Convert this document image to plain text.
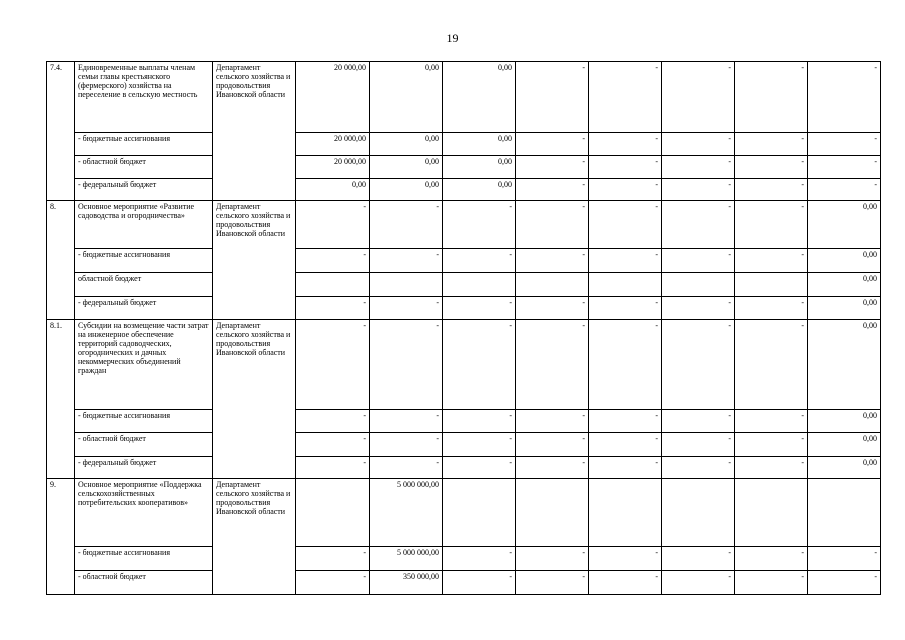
19
7.4.	Единовременные выплаты членам семьи главы крестьянского (фермерского) хозяйства на переселение в сельскую местность	Департамент сельского хозяйства и продовольствия Ивановской области	20 000,00	0,00	0,00	-	-	-	-	-
	- бюджетные ассигнования		20 000,00	0,00	0,00	-	-	-	-	-
	- областной бюджет		20 000,00	0,00	0,00	-	-	-	-	-
	- федеральный бюджет		0,00	0,00	0,00	-	-	-	-	-
8.	Основное мероприятие «Развитие садоводства и огородничества»	Департамент сельского хозяйства и продовольствия Ивановской области	-	-	-	-	-	-	-	0,00
	- бюджетные ассигнования		-	-	-	-	-	-	-	0,00
	областной бюджет									0,00
	- федеральный бюджет		-	-	-	-	-	-	-	0,00
8.1.	Субсидии на возмещение части затрат на инженерное обеспечение территорий садоводческих, огороднических и дачных некоммерческих объединений граждан	Департамент сельского хозяйства и продовольствия Ивановской области	-	-	-	-	-	-	-	0,00
	- бюджетные ассигнования		-	-	-	-	-	-	-	0,00
	- областной бюджет		-	-	-	-	-	-	-	0,00
	- федеральный бюджет		-	-	-	-	-	-	-	0,00
9.	Основное мероприятие «Поддержка сельскохозяйственных потребительских кооперативов»	Департамент сельского хозяйства и продовольствия Ивановской области		5 000 000,00						
	- бюджетные ассигнования		-	5 000 000,00	-	-	-	-	-	-
	- областной бюджет		-	350 000,00	-	-	-	-	-	-
